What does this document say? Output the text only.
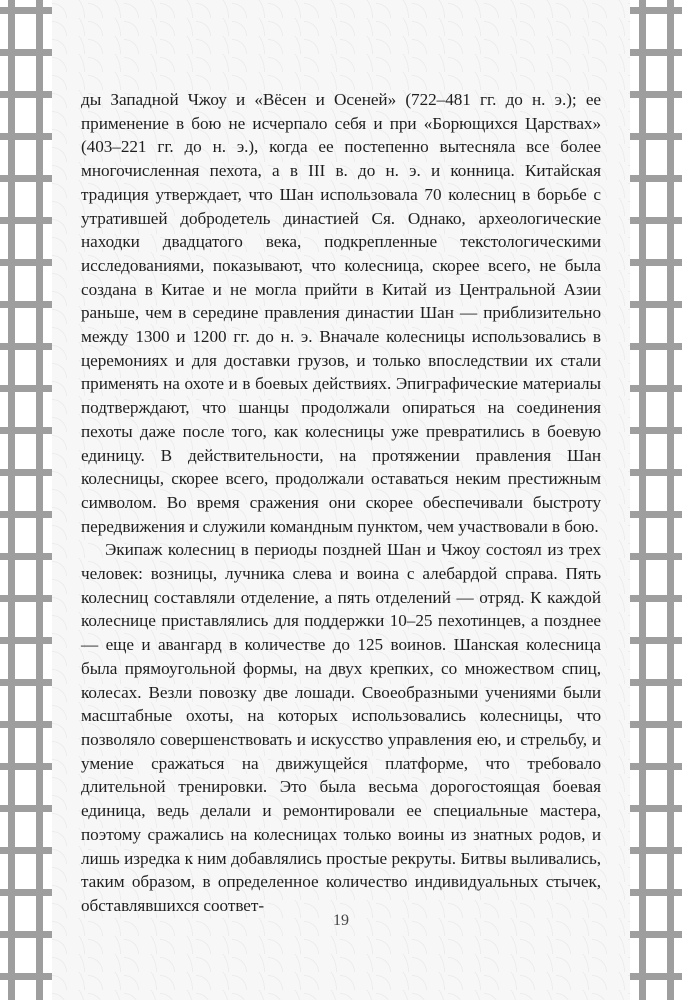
ды Западной Чжоу и «Вёсен и Осеней» (722–481 гг. до н. э.); ее применение в бою не исчерпало себя и при «Борющихся Царствах» (403–221 гг. до н. э.), когда ее постепенно вытесняла все более многочисленная пехота, а в III в. до н. э. и конница. Китайская традиция утверждает, что Шан использовала 70 колесниц в борьбе с утратившей добродетель династией Ся. Однако, археологические находки двадцатого века, подкрепленные текстологическими исследованиями, показывают, что колесница, скорее всего, не была создана в Китае и не могла прийти в Китай из Центральной Азии раньше, чем в середине правления династии Шан — приблизительно между 1300 и 1200 гг. до н. э. Вначале колесницы использовались в церемониях и для доставки грузов, и только впоследствии их стали применять на охоте и в боевых действиях. Эпиграфические материалы подтверждают, что шанцы продолжали опираться на соединения пехоты даже после того, как колесницы уже превратились в боевую единицу. В действительности, на протяжении правления Шан колесницы, скорее всего, продолжали оставаться неким престижным символом. Во время сражения они скорее обеспечивали быстроту передвижения и служили командным пунктом, чем участвовали в бою.

Экипаж колесниц в периоды поздней Шан и Чжоу состоял из трех человек: возницы, лучника слева и воина с алебардой справа. Пять колесниц составляли отделение, а пять отделений — отряд. К каждой колеснице приставлялись для поддержки 10–25 пехотинцев, а позднее — еще и авангард в количестве до 125 воинов. Шанская колесница была прямоугольной формы, на двух крепких, со множеством спиц, колесах. Везли повозку две лошади. Своеобразными учениями были масштабные охоты, на которых использовались колесницы, что позволяло совершенствовать и искусство управления ею, и стрельбу, и умение сражаться на движущейся платформе, что требовало длительной тренировки. Это была весьма дорогостоящая боевая единица, ведь делали и ремонтировали ее специальные мастера, поэтому сражались на колесницах только воины из знатных родов, и лишь изредка к ним добавлялись простые рекруты. Битвы выливались, таким образом, в определенное количество индивидуальных стычек, обставлявшихся соответ-

19
